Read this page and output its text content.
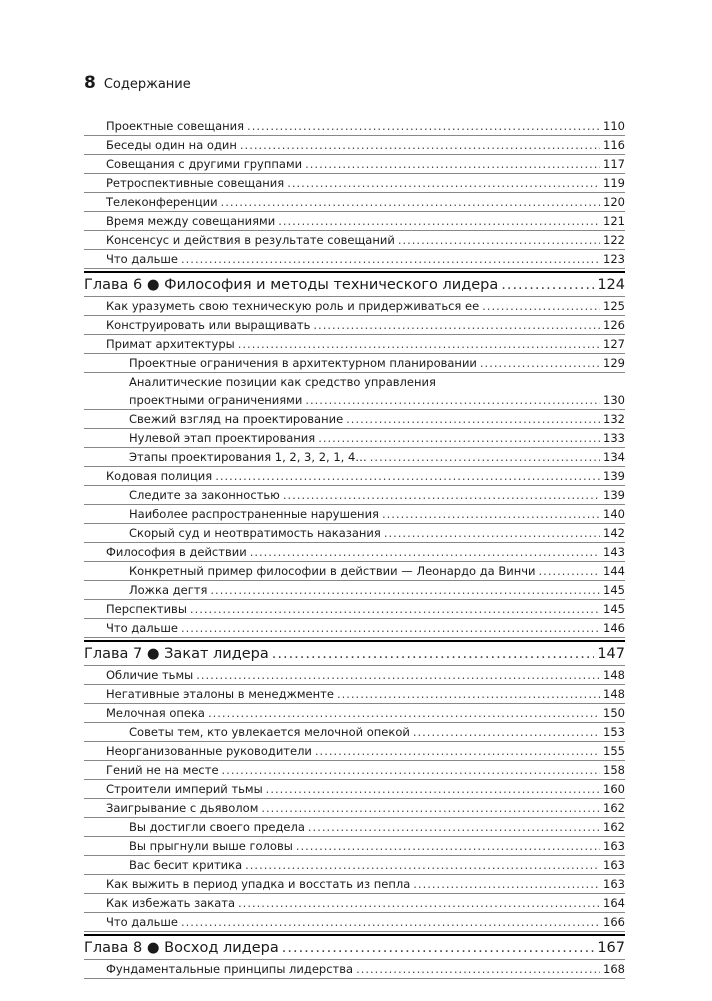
8 Содержание
Проектные совещания .....	110
Беседы один на один .....	116
Совещания с другими группами .....	117
Ретроспективные совещания .....	119
Телеконференции .....	120
Время между совещаниями .....	121
Консенсус и действия в результате совещаний .....	122
Что дальше .....	123
Глава 6 ● Философия и методы технического лидера .....	124
Как уразуметь свою техническую роль и придерживаться ее .....	125
Конструировать или выращивать .....	126
Примат архитектуры .....	127
Проектные ограничения в архитектурном планировании .....	129
Аналитические позиции как средство управления
проектными ограничениями .....	130
Свежий взгляд на проектирование .....	132
Нулевой этап проектирования .....	133
Этапы проектирования 1, 2, 3, 2, 1, 4… .....	134
Кодовая полиция .....	139
Следите за законностью .....	139
Наиболее распространенные нарушения .....	140
Скорый суд и неотвратимость наказания .....	142
Философия в действии .....	143
Конкретный пример философии в действии — Леонардо да Винчи .....	144
Ложка дегтя .....	145
Перспективы .....	145
Что дальше .....	146
Глава 7 ● Закат лидера .....	147
Обличие тьмы .....	148
Негативные эталоны в менеджменте .....	148
Мелочная опека .....	150
Советы тем, кто увлекается мелочной опекой .....	153
Неорганизованные руководители .....	155
Гений не на месте .....	158
Строители империй тьмы .....	160
Заигрывание с дьяволом .....	162
Вы достигли своего предела .....	162
Вы прыгнули выше головы .....	163
Вас бесит критика .....	163
Как выжить в период упадка и восстать из пепла .....	163
Как избежать заката .....	164
Что дальше .....	166
Глава 8 ● Восход лидера .....	167
Фундаментальные принципы лидерства .....	168
